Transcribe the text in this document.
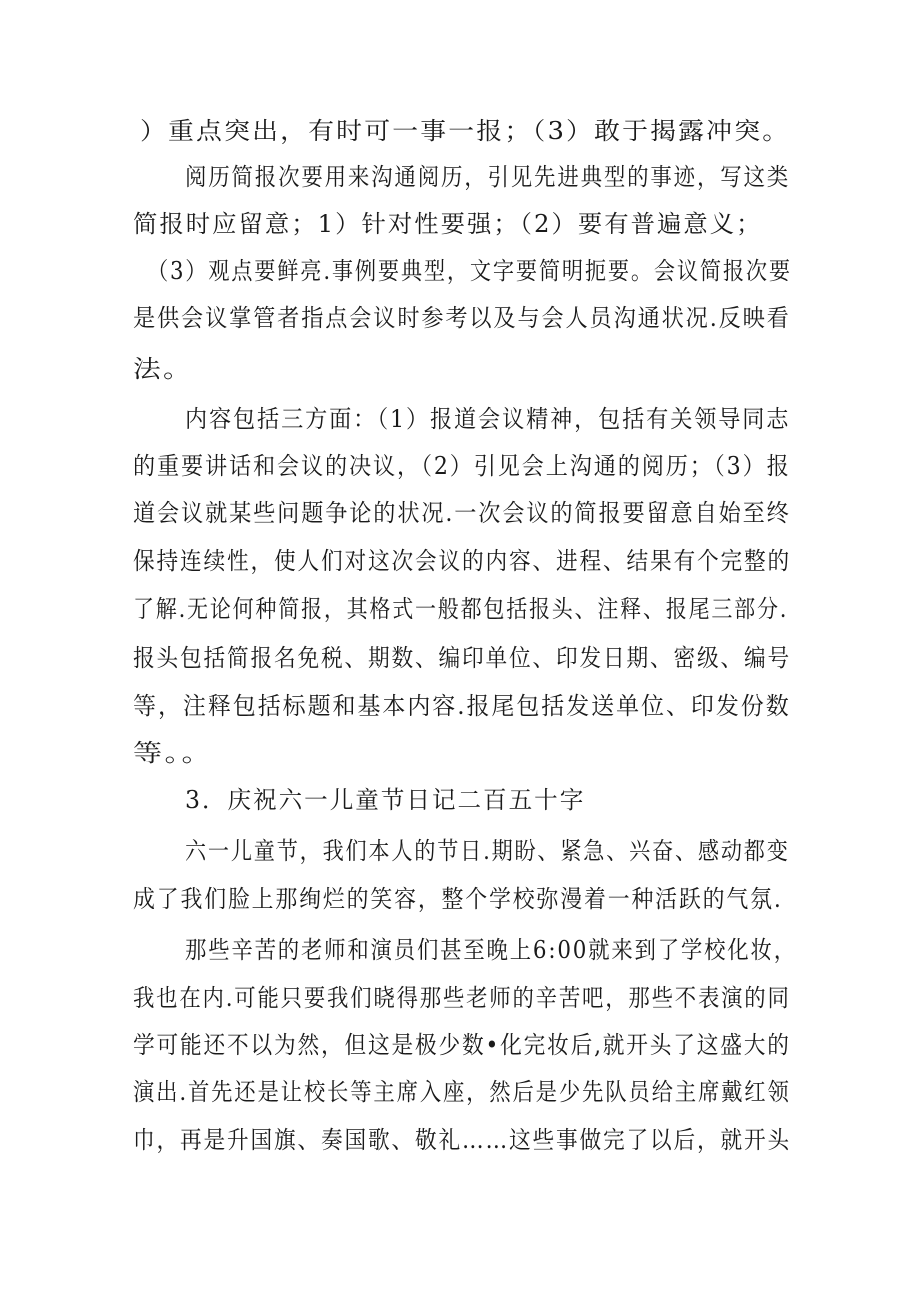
）重点突出，有时可一事一报；（3）敢于揭露冲突。
阅历简报次要用来沟通阅历，引见先进典型的事迹，写这类
简报时应留意；1）针对性要强；（2）要有普遍意义；
（3）观点要鲜亮.事例要典型，文字要简明扼要。会议简报次要
是供会议掌管者指点会议时参考以及与会人员沟通状况.反映看
法。
内容包括三方面：（1）报道会议精神，包括有关领导同志
的重要讲话和会议的决议，（2）引见会上沟通的阅历；（3）报
道会议就某些问题争论的状况.一次会议的简报要留意自始至终
保持连续性，使人们对这次会议的内容、进程、结果有个完整的
了解.无论何种简报，其格式一般都包括报头、注释、报尾三部分.
报头包括简报名免税、期数、编印单位、印发日期、密级、编号
等，注释包括标题和基本内容.报尾包括发送单位、印发份数
等。。
3．庆祝六一儿童节日记二百五十字
六一儿童节，我们本人的节日.期盼、紧急、兴奋、感动都变
成了我们脸上那绚烂的笑容，整个学校弥漫着一种活跃的气氛.
那些辛苦的老师和演员们甚至晚上6:00就来到了学校化妆，
我也在内.可能只要我们晓得那些老师的辛苦吧，那些不表演的同
学可能还不以为然，但这是极少数•化完妆后,就开头了这盛大的
演出.首先还是让校长等主席入座，然后是少先队员给主席戴红领
巾，再是升国旗、奏国歌、敬礼……这些事做完了以后，就开头
